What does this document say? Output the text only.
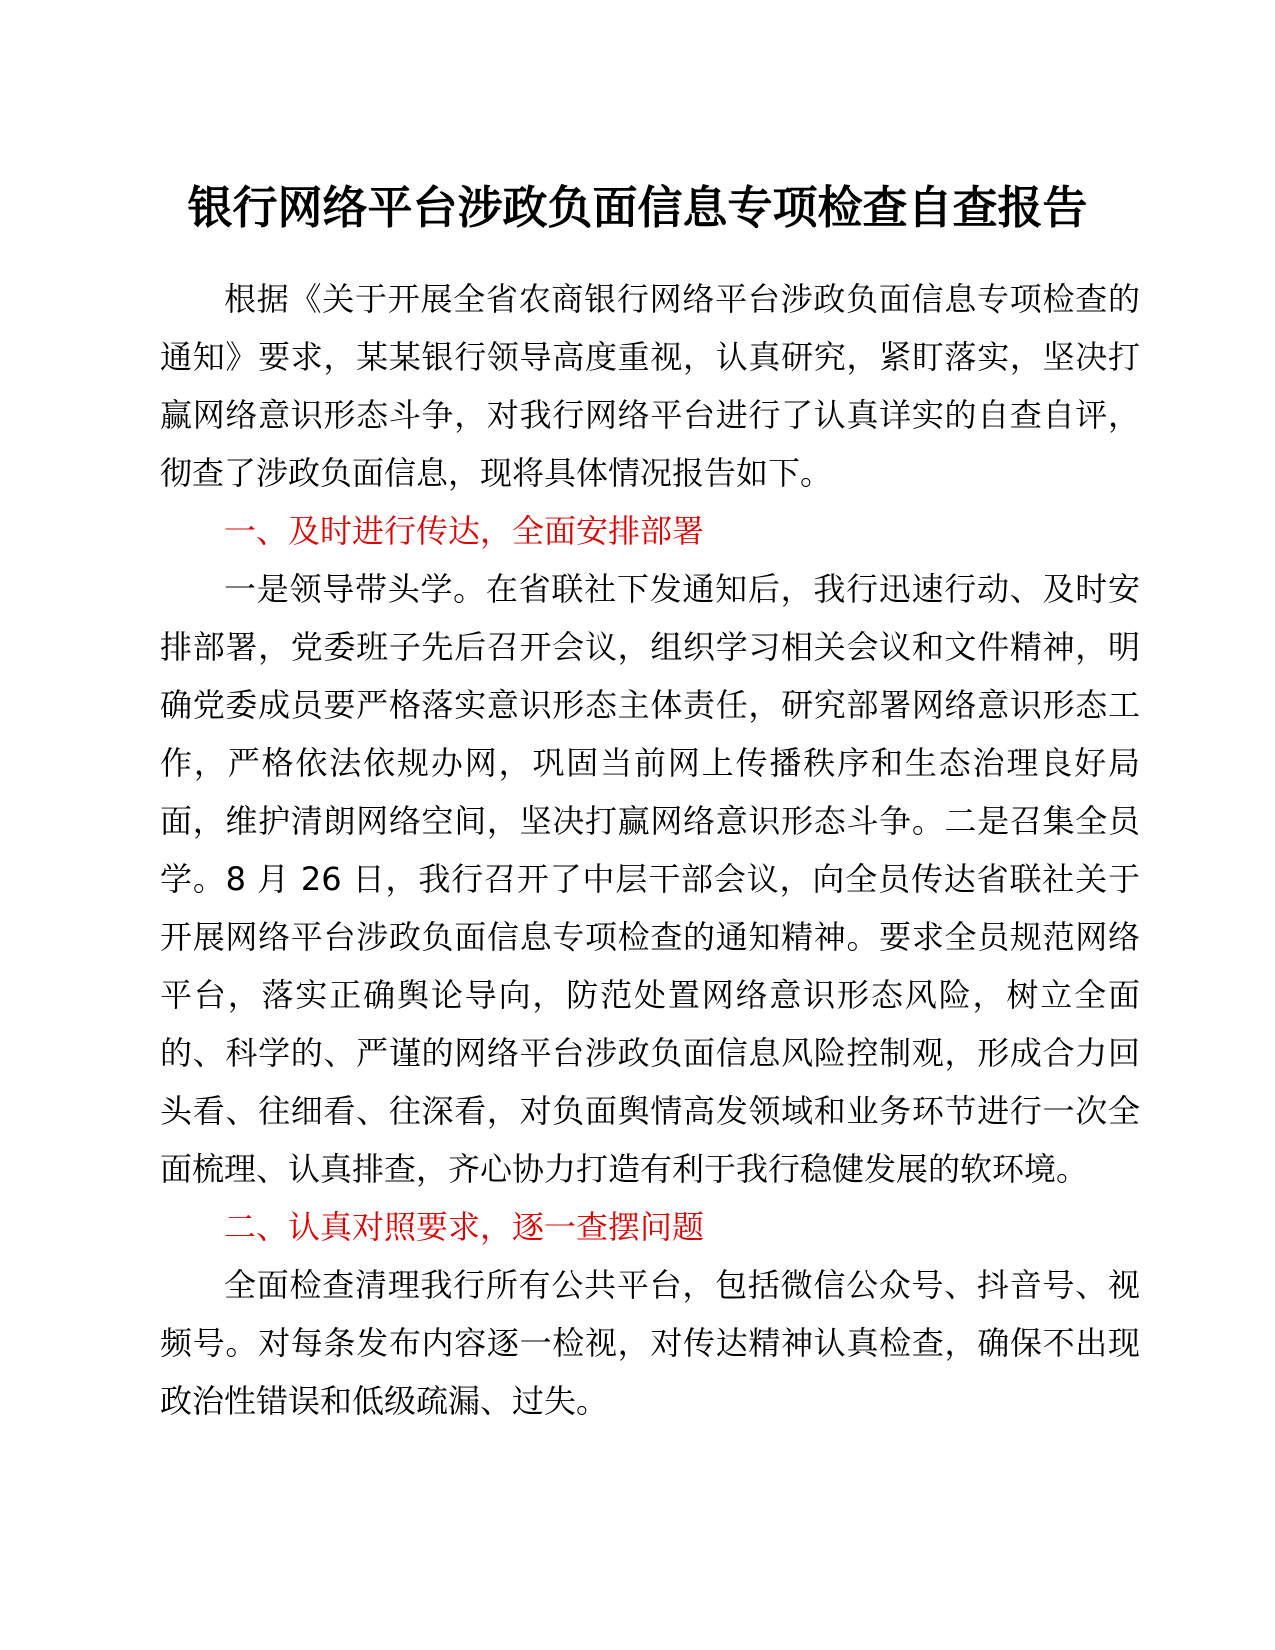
银行网络平台涉政负面信息专项检查自查报告

根据《关于开展全省农商银行网络平台涉政负面信息专项检查的通知》要求，某某银行领导高度重视，认真研究，紧盯落实，坚决打赢网络意识形态斗争，对我行网络平台进行了认真详实的自查自评，彻查了涉政负面信息，现将具体情况报告如下。

一、及时进行传达，全面安排部署

一是领导带头学。在省联社下发通知后，我行迅速行动、及时安排部署，党委班子先后召开会议，组织学习相关会议和文件精神，明确党委成员要严格落实意识形态主体责任，研究部署网络意识形态工作，严格依法依规办网，巩固当前网上传播秩序和生态治理良好局面，维护清朗网络空间，坚决打赢网络意识形态斗争。二是召集全员学。8 月 26 日，我行召开了中层干部会议，向全员传达省联社关于开展网络平台涉政负面信息专项检查的通知精神。要求全员规范网络平台，落实正确舆论导向，防范处置网络意识形态风险，树立全面的、科学的、严谨的网络平台涉政负面信息风险控制观，形成合力回头看、往细看、往深看，对负面舆情高发领域和业务环节进行一次全面梳理、认真排查，齐心协力打造有利于我行稳健发展的软环境。

二、认真对照要求，逐一查摆问题

全面检查清理我行所有公共平台，包括微信公众号、抖音号、视频号。对每条发布内容逐一检视，对传达精神认真检查，确保不出现政治性错误和低级疏漏、过失。
